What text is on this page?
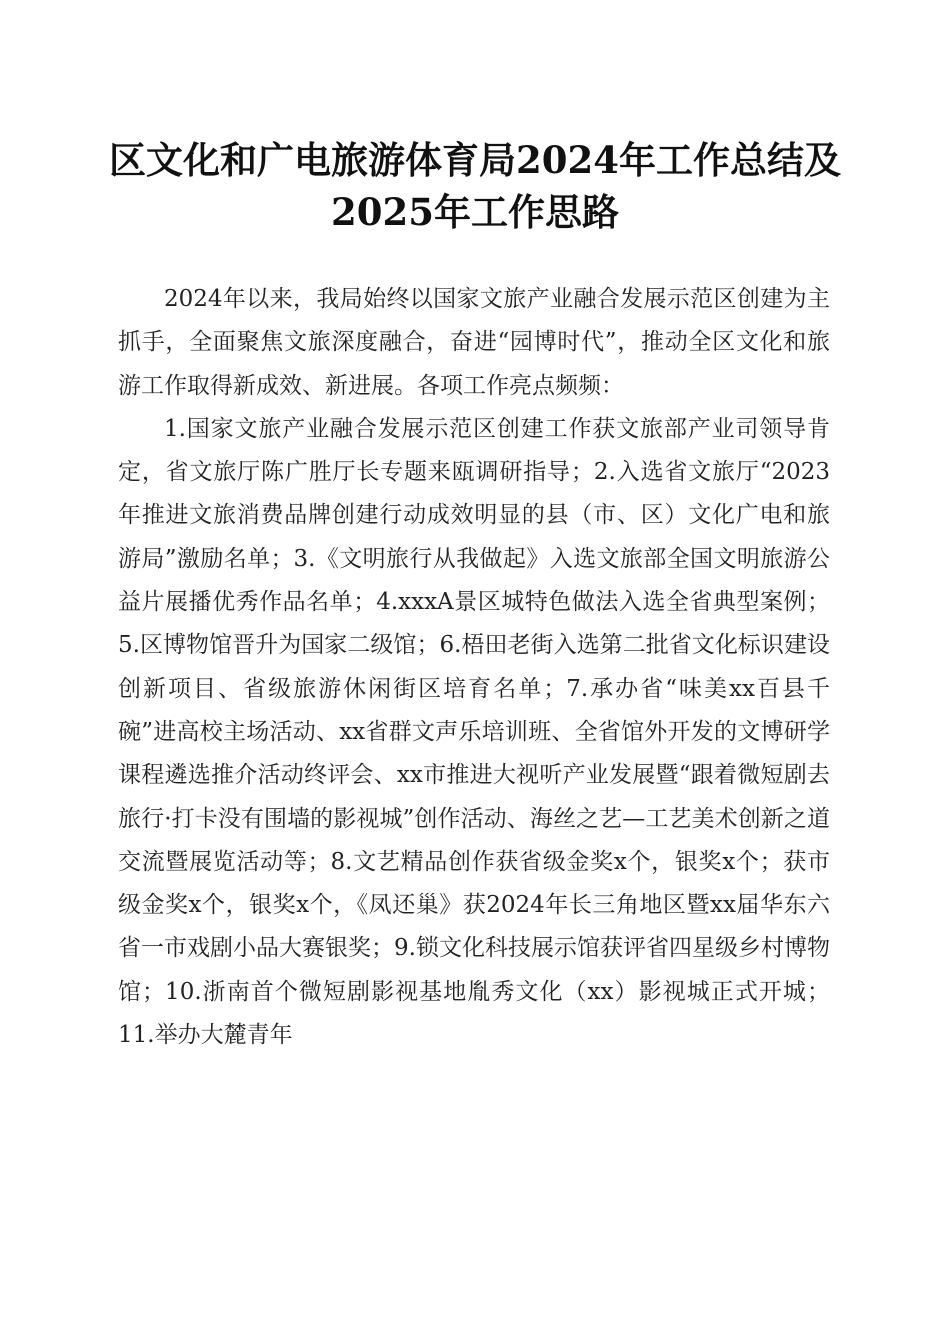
区文化和广电旅游体育局2024年工作总结及
2025年工作思路

2024年以来，我局始终以国家文旅产业融合发展示范区创建为主抓手，全面聚焦文旅深度融合，奋进“园博时代”，推动全区文化和旅游工作取得新成效、新进展。各项工作亮点频频：

1.国家文旅产业融合发展示范区创建工作获文旅部产业司领导肯定，省文旅厅陈广胜厅长专题来瓯调研指导；2.入选省文旅厅“2023年推进文旅消费品牌创建行动成效明显的县（市、区）文化广电和旅游局”激励名单；3.《文明旅行从我做起》入选文旅部全国文明旅游公益片展播优秀作品名单；4.xxxA景区城特色做法入选全省典型案例；5.区博物馆晋升为国家二级馆；6.梧田老街入选第二批省文化标识建设创新项目、省级旅游休闲街区培育名单；7.承办省“味美xx百县千碗”进高校主场活动、xx省群文声乐培训班、全省馆外开发的文博研学课程遴选推介活动终评会、xx市推进大视听产业发展暨“跟着微短剧去旅行·打卡没有围墙的影视城”创作活动、海丝之艺—工艺美术创新之道交流暨展览活动等；8.文艺精品创作获省级金奖x个，银奖x个；获市级金奖x个，银奖x个，《凤还巢》获2024年长三角地区暨xx届华东六省一市戏剧小品大赛银奖；9.锁文化科技展示馆获评省四星级乡村博物馆；10.浙南首个微短剧影视基地胤秀文化（xx）影视城正式开城；11.举办大麓青年
